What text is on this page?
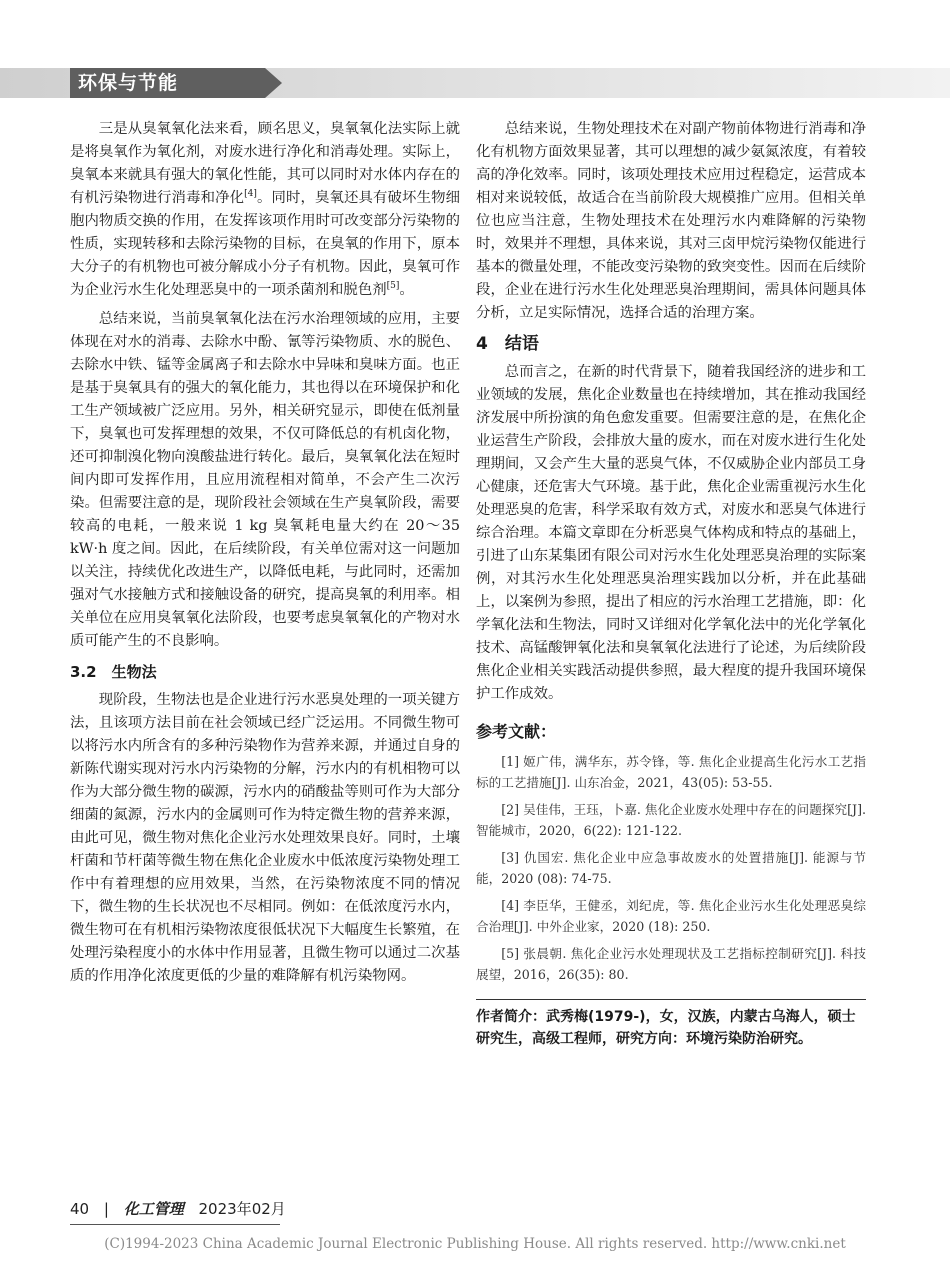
环保与节能

三是从臭氧氧化法来看，顾名思义，臭氧氧化法实际上就是将臭氧作为氧化剂，对废水进行净化和消毒处理。实际上，臭氧本来就具有强大的氧化性能，其可以同时对水体内存在的有机污染物进行消毒和净化[4]。同时，臭氧还具有破坏生物细胞内物质交换的作用，在发挥该项作用时可改变部分污染物的性质，实现转移和去除污染物的目标，在臭氧的作用下，原本大分子的有机物也可被分解成小分子有机物。因此，臭氧可作为企业污水生化处理恶臭中的一项杀菌剂和脱色剂[5]。

总结来说，当前臭氧氧化法在污水治理领域的应用，主要体现在对水的消毒、去除水中酚、氰等污染物质、水的脱色、去除水中铁、锰等金属离子和去除水中异味和臭味方面。也正是基于臭氧具有的强大的氧化能力，其也得以在环境保护和化工生产领域被广泛应用。另外，相关研究显示，即使在低剂量下，臭氧也可发挥理想的效果，不仅可降低总的有机卤化物，还可抑制溴化物向溴酸盐进行转化。最后，臭氧氧化法在短时间内即可发挥作用，且应用流程相对简单，不会产生二次污染。但需要注意的是，现阶段社会领域在生产臭氧阶段，需要较高的电耗，一般来说 1 kg 臭氧耗电量大约在 20～35 kW·h 度之间。因此，在后续阶段，有关单位需对这一问题加以关注，持续优化改进生产，以降低电耗，与此同时，还需加强对气水接触方式和接触设备的研究，提高臭氧的利用率。相关单位在应用臭氧氧化法阶段，也要考虑臭氧氧化的产物对水质可能产生的不良影响。

3.2　生物法

现阶段，生物法也是企业进行污水恶臭处理的一项关键方法，且该项方法目前在社会领域已经广泛运用。不同微生物可以将污水内所含有的多种污染物作为营养来源，并通过自身的新陈代谢实现对污水内污染物的分解，污水内的有机相物可以作为大部分微生物的碳源，污水内的硝酸盐等则可作为大部分细菌的氮源，污水内的金属则可作为特定微生物的营养来源，由此可见，微生物对焦化企业污水处理效果良好。同时，土壤杆菌和节杆菌等微生物在焦化企业废水中低浓度污染物处理工作中有着理想的应用效果，当然，在污染物浓度不同的情况下，微生物的生长状况也不尽相同。例如：在低浓度污水内，微生物可在有机相污染物浓度很低状况下大幅度生长繁殖，在处理污染程度小的水体中作用显著，且微生物可以通过二次基质的作用净化浓度更低的少量的难降解有机污染物网。

总结来说，生物处理技术在对副产物前体物进行消毒和净化有机物方面效果显著，其可以理想的减少氨氮浓度，有着较高的净化效率。同时，该项处理技术应用过程稳定，运营成本相对来说较低，故适合在当前阶段大规模推广应用。但相关单位也应当注意，生物处理技术在处理污水内难降解的污染物时，效果并不理想，具体来说，其对三卤甲烷污染物仅能进行基本的微量处理，不能改变污染物的致突变性。因而在后续阶段，企业在进行污水生化处理恶臭治理期间，需具体问题具体分析，立足实际情况，选择合适的治理方案。

4　结语

总而言之，在新的时代背景下，随着我国经济的进步和工业领域的发展，焦化企业数量也在持续增加，其在推动我国经济发展中所扮演的角色愈发重要。但需要注意的是，在焦化企业运营生产阶段，会排放大量的废水，而在对废水进行生化处理期间，又会产生大量的恶臭气体，不仅威胁企业内部员工身心健康，还危害大气环境。基于此，焦化企业需重视污水生化处理恶臭的危害，科学采取有效方式，对废水和恶臭气体进行综合治理。本篇文章即在分析恶臭气体构成和特点的基础上，引进了山东某集团有限公司对污水生化处理恶臭治理的实际案例，对其污水生化处理恶臭治理实践加以分析，并在此基础上，以案例为参照，提出了相应的污水治理工艺措施，即：化学氧化法和生物法，同时又详细对化学氧化法中的光化学氧化技术、高锰酸钾氧化法和臭氧氧化法进行了论述，为后续阶段焦化企业相关实践活动提供参照，最大程度的提升我国环境保护工作成效。

参考文献：

[1] 姬广伟，满华东，苏令锋，等. 焦化企业提高生化污水工艺指标的工艺措施[J]. 山东冶金，2021，43(05): 53-55.

[2] 吴佳伟，王珏，卜嘉. 焦化企业废水处理中存在的问题探究[J]. 智能城市，2020，6(22): 121-122.

[3] 仇国宏. 焦化企业中应急事故废水的处置措施[J]. 能源与节能，2020 (08): 74-75.

[4] 李臣华，王健丞，刘纪虎，等. 焦化企业污水生化处理恶臭综合治理[J]. 中外企业家，2020 (18): 250.

[5] 张晨朝. 焦化企业污水处理现状及工艺指标控制研究[J]. 科技展望，2016，26(35): 80.

作者简介：武秀梅(1979-)，女，汉族，内蒙古乌海人，硕士研究生，高级工程师，研究方向：环境污染防治研究。
40 | 化工管理 2023年02月
(C)1994-2023 China Academic Journal Electronic Publishing House. All rights reserved. http://www.cnki.net
